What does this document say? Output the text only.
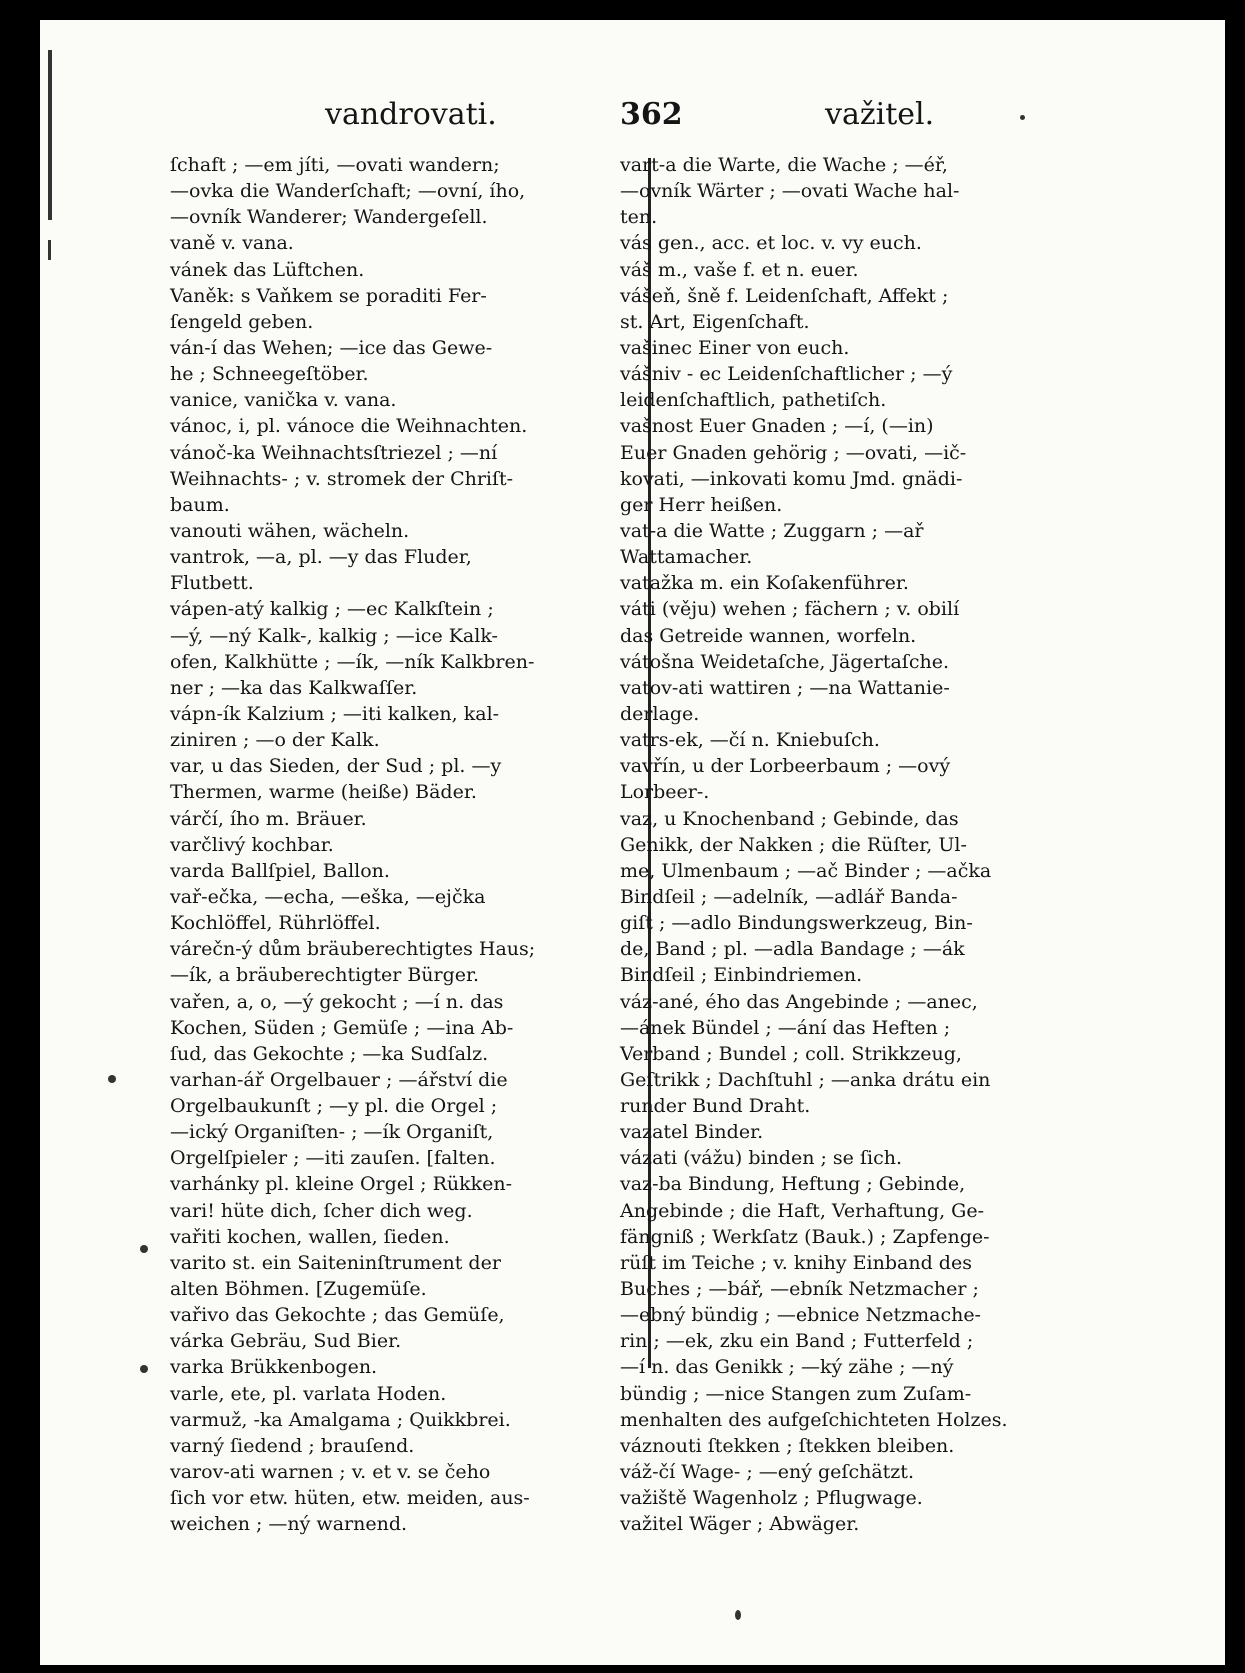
vandrovati.	362	važitel.
ſchaft ; —em jíti, —ovati wandern;
—ovka die Wanderſchaft; —ovní, ího,
—ovník Wanderer; Wandergeſell.
vaně v. vana.
vánek das Lüftchen.
Vaněk: s Vaňkem se poraditi Fer-
ſengeld geben.
ván-í das Wehen; —ice das Gewe-
he ; Schneegeſtöber.
vanice, vanička v. vana.
vánoc, i, pl. vánoce die Weihnachten.
vánoč-ka Weihnachtsſtriezel ; —ní
Weihnachts- ; v. stromek der Chriſt-
baum.
vanouti wähen, wächeln.
vantrok, —a, pl. —y das Fluder,
Flutbett.
vápen-atý kalkig ; —ec Kalkſtein ;
—ý, —ný Kalk-, kalkig ; —ice Kalk-
ofen, Kalkhütte ; —ík, —ník Kalkbren-
ner ; —ka das Kalkwaſſer.
vápn-ík Kalzium ; —iti kalken, kal-
ziniren ; —o der Kalk.
var, u das Sieden, der Sud ; pl. —y
Thermen, warme (heiße) Bäder.
várčí, ího m. Bräuer.
varčlivý kochbar.
varda Ballſpiel, Ballon.
vař-ečka, —echa, —eška, —ejčka
Kochlöffel, Rührlöffel.
várečn-ý dům bräuberechtigtes Haus;
—ík, a bräuberechtigter Bürger.
vařen, a, o, —ý gekocht ; —í n. das
Kochen, Süden ; Gemüſe ; —ina Ab-
ſud, das Gekochte ; —ka Sudſalz.
varhan-ář Orgelbauer ; —ářství die
Orgelbaukunſt ; —y pl. die Orgel ;
—ický Organiſten- ; —ík Organiſt,
Orgelſpieler ; —iti zauſen. [falten.
varhánky pl. kleine Orgel ; Rükken-
vari! hüte dich, ſcher dich weg.
vařiti kochen, wallen, ſieden.
varito st. ein Saiteninſtrument der
alten Böhmen. [Zugemüſe.
vařivo das Gekochte ; das Gemüſe,
várka Gebräu, Sud Bier.
varka Brükkenbogen.
varle, ete, pl. varlata Hoden.
varmuž, -ka Amalgama ; Quikkbrei.
varný ſiedend ; brauſend.
varov-ati warnen ; v. et v. se čeho
ſich vor etw. hüten, etw. meiden, aus-
weichen ; —ný warnend.
vart-a die Warte, die Wache ; —éř,
—ovník Wärter ; —ovati Wache hal-
ten.
vás gen., acc. et loc. v. vy euch.
váš m., vaše f. et n. euer.
vášeň, šně f. Leidenſchaft, Affekt ;
st. Art, Eigenſchaft.
vašinec Einer von euch.
vášniv - ec Leidenſchaftlicher ; —ý
leidenſchaftlich, pathetiſch.
vašnost Euer Gnaden ; —í, (—in)
Euer Gnaden gehörig ; —ovati, —ič-
kovati, —inkovati komu Jmd. gnädi-
ger Herr heißen.
vat-a die Watte ; Zuggarn ; —ař
Wattamacher.
vatažka m. ein Koſakenführer.
váti (věju) wehen ; fächern ; v. obilí
das Getreide wannen, worfeln.
vátošna Weidetaſche, Jägertaſche.
vatov-ati wattiren ; —na Wattanie-
derlage.
vatrs-ek, —čí n. Kniebuſch.
vavřín, u der Lorbeerbaum ; —ový
Lorbeer-.
vaz, u Knochenband ; Gebinde, das
Genikk, der Nakken ; die Rüſter, Ul-
me, Ulmenbaum ; —ač Binder ; —ačka
Bindſeil ; —adelník, —adlář Banda-
giſt ; —adlo Bindungswerkzeug, Bin-
de, Band ; pl. —adla Bandage ; —ák
Bindſeil ; Einbindriemen.
váz-ané, ého das Angebinde ; —anec,
—ánek Bündel ; —ání das Heften ;
Verband ; Bundel ; coll. Strikkzeug,
Geſtrikk ; Dachſtuhl ; —anka drátu ein
runder Bund Draht.
vazatel Binder.
vázati (vážu) binden ; se ſich.
vaz-ba Bindung, Heftung ; Gebinde,
Angebinde ; die Haft, Verhaftung, Ge-
fängniß ; Werkſatz (Bauk.) ; Zapfenge-
rüſt im Teiche ; v. knihy Einband des
Buches ; —bář, —ebník Netzmacher ;
—ebný bündig ; —ebnice Netzmache-
rin ; —ek, zku ein Band ; Futterfeld ;
—í n. das Genikk ; —ký zähe ; —ný
bündig ; —nice Stangen zum Zuſam-
menhalten des aufgeſchichteten Holzes.
váznouti ſtekken ; ſtekken bleiben.
váž-čí Wage- ; —ený geſchätzt.
važiště Wagenholz ; Pflugwage.
važitel Wäger ; Abwäger.
